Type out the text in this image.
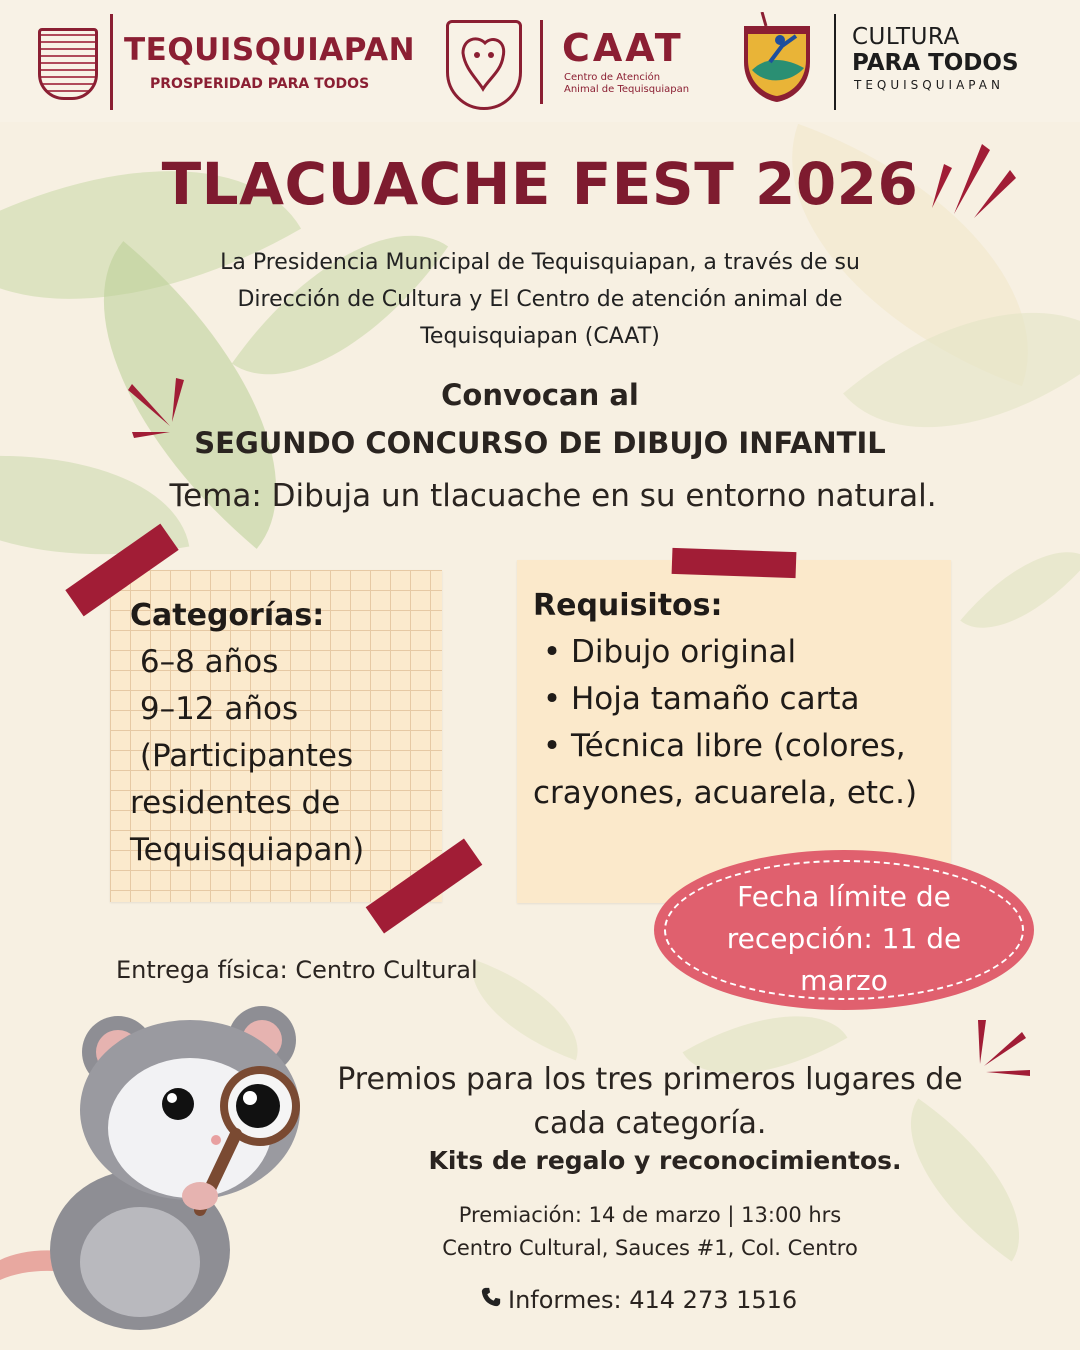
TEQUISQUIAPAN
PROSPERIDAD PARA TODOS
CAAT
Centro de Atención
Animal de Tequisquiapan
CULTURA
PARA TODOS
TEQUISQUIAPAN
TLACUACHE FEST 2026
La Presidencia Municipal de Tequisquiapan, a través de su
Dirección de Cultura y El Centro de atención animal de
Tequisquiapan (CAAT)
Convocan al
SEGUNDO CONCURSO DE DIBUJO INFANTIL
Tema: Dibuja un tlacuache en su entorno natural.
Categorías:
6–8 años
9–12 años
(Participantes
residentes de
Tequisquiapan)
Requisitos:
• Dibujo original
• Hoja tamaño carta
• Técnica libre (colores,
crayones, acuarela, etc.)
Fecha límite de
recepción: 11 de
marzo
Entrega física: Centro Cultural
Premios para los tres primeros lugares de
cada categoría.
Kits de regalo y reconocimientos.
Premiación: 14 de marzo | 13:00 hrs
Centro Cultural, Sauces #1, Col. Centro
Informes: 414 273 1516
